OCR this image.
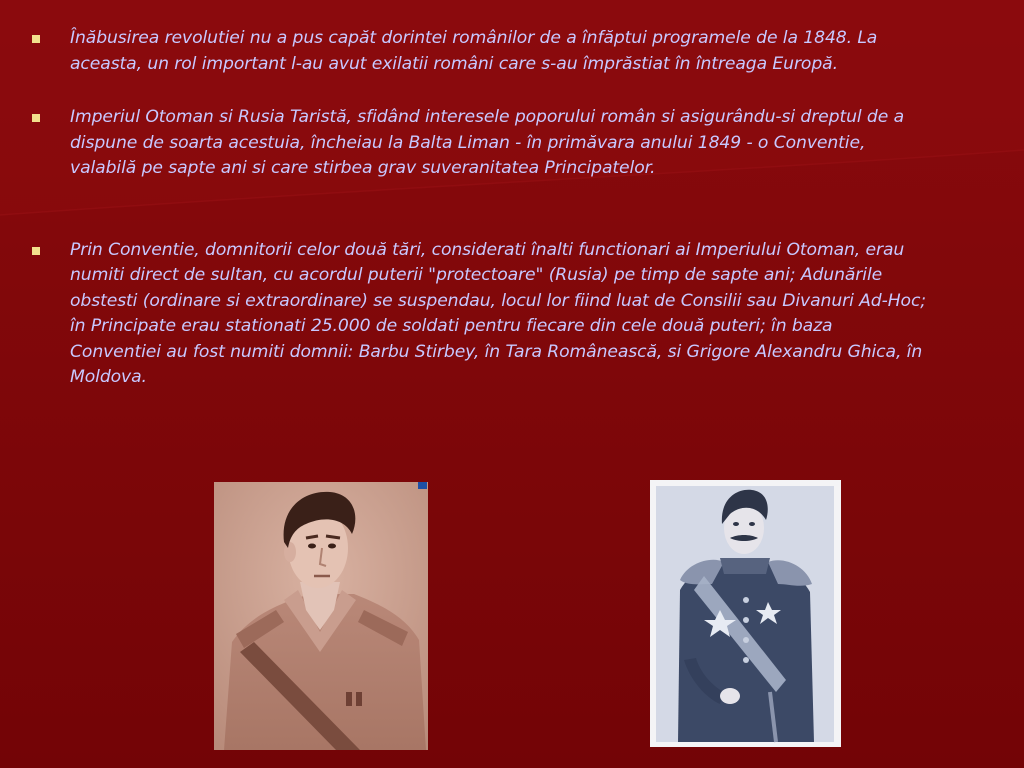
Înăbusirea revolutiei nu a pus capăt dorintei românilor de a înfăptui programele de la 1848. La aceasta, un rol important l-au avut exilatii români care s-au împrăstiat în întreaga Europă.
Imperiul Otoman si Rusia Taristă, sfidând interesele poporului român si asigurându-si dreptul de a dispune de soarta acestuia, încheiau la Balta Liman - în primăvara anului 1849 - o Conventie, valabilă pe sapte ani si care stirbea grav suveranitatea Principatelor.
Prin Conventie, domnitorii celor două tări, considerati înalti functionari ai Imperiului Otoman, erau numiti direct de sultan, cu acordul puterii "protectoare" (Rusia) pe timp de sapte ani; Adunările obstesti (ordinare si extraordinare) se suspendau, locul lor fiind luat de Consilii sau Divanuri Ad-Hoc; în Principate erau stationati 25.000 de soldati pentru fiecare din cele două puteri; în baza Conventiei au fost numiti domnii: Barbu Stirbey, în Tara Românească, si Grigore Alexandru Ghica, în Moldova.
